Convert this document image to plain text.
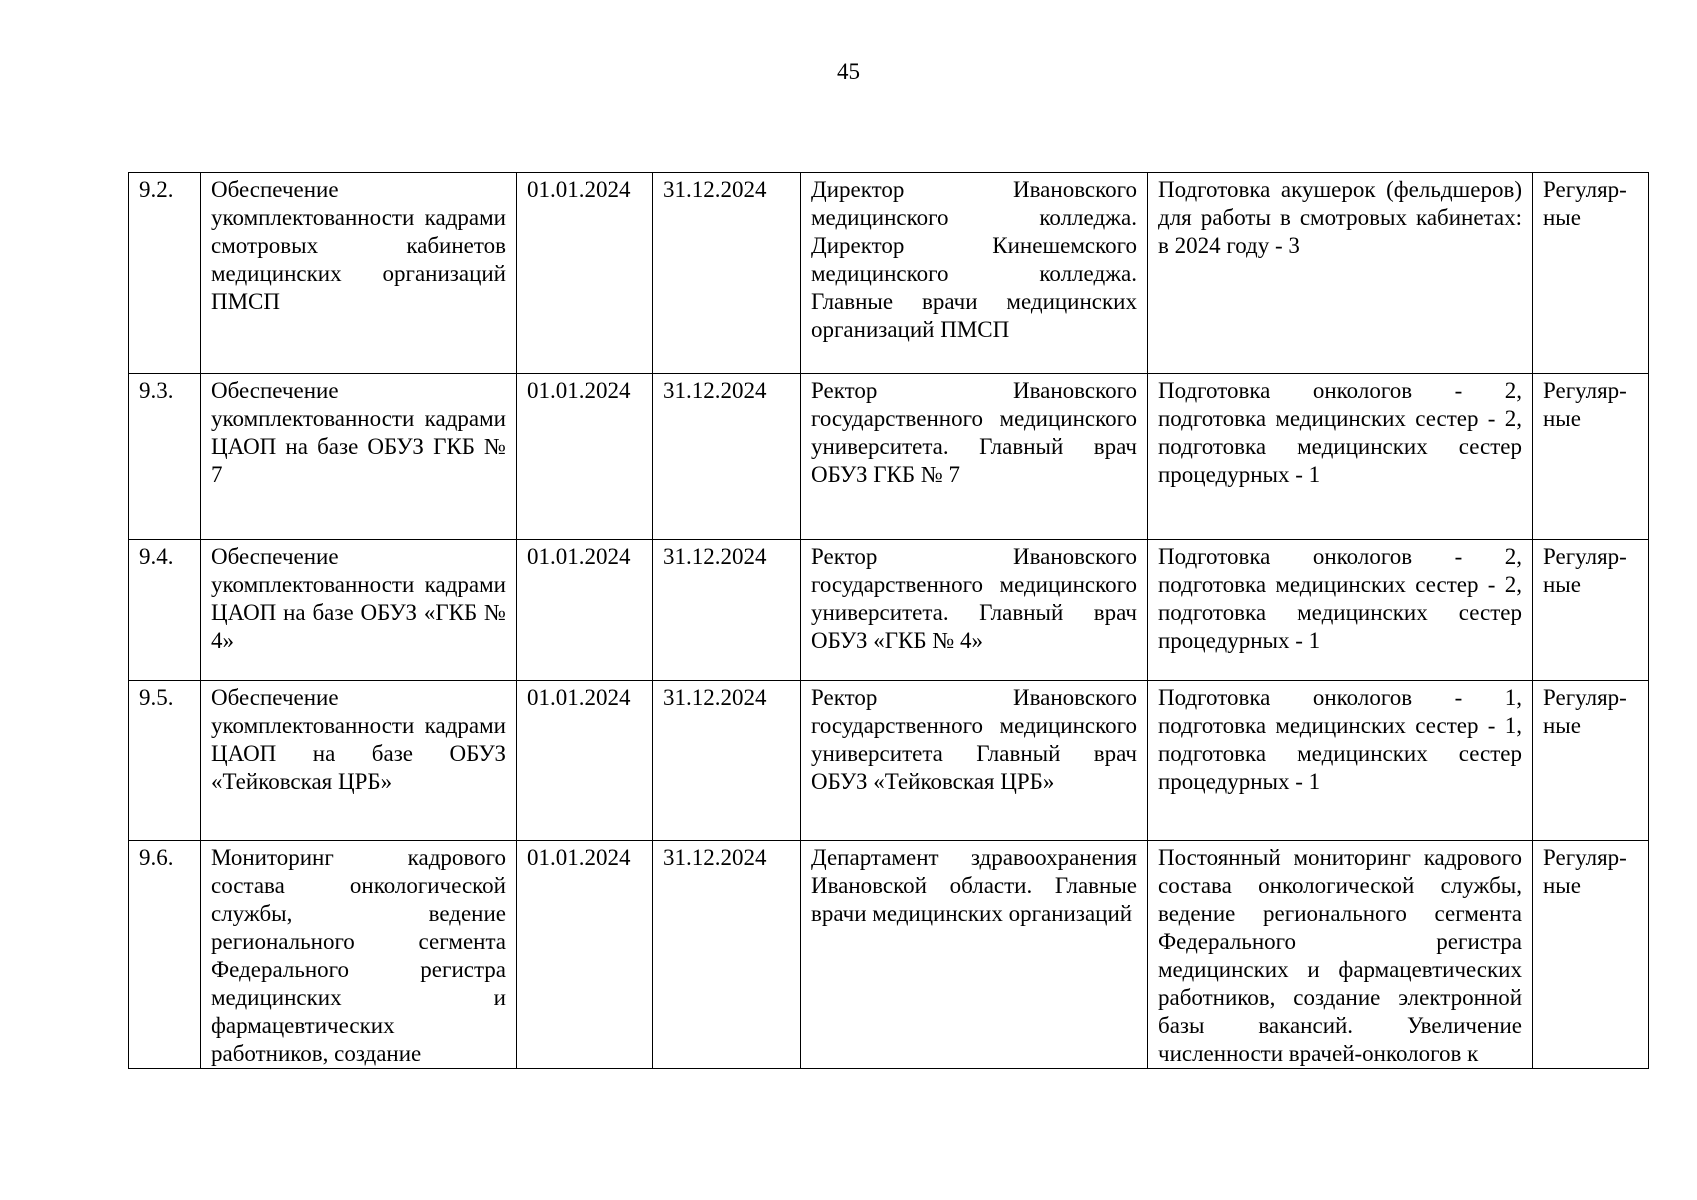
45
9.2.	Обеспечение укомплектованности кадрами смотровых кабинетов медицинских организаций ПМСП	01.01.2024	31.12.2024	Директор Ивановского медицинского колледжа. Директор Кинешемского медицинского колледжа. Главные врачи медицинских организаций ПМСП	Подготовка акушерок (фельдшеров) для работы в смотровых кабинетах: в 2024 году - 3	Регуляр-ные
9.3.	Обеспечение укомплектованности кадрами ЦАОП на базе ОБУЗ ГКБ № 7	01.01.2024	31.12.2024	Ректор Ивановского государственного медицинского университета. Главный врач ОБУЗ ГКБ № 7	Подготовка онкологов - 2, подготовка медицинских сестер - 2, подготовка медицинских сестер процедурных - 1	Регуляр-ные
9.4.	Обеспечение укомплектованности кадрами ЦАОП на базе ОБУЗ «ГКБ № 4»	01.01.2024	31.12.2024	Ректор Ивановского государственного медицинского университета. Главный врач ОБУЗ «ГКБ № 4»	Подготовка онкологов - 2, подготовка медицинских сестер - 2, подготовка медицинских сестер процедурных - 1	Регуляр-ные
9.5.	Обеспечение укомплектованности кадрами ЦАОП на базе ОБУЗ «Тейковская ЦРБ»	01.01.2024	31.12.2024	Ректор Ивановского государственного медицинского университета Главный врач ОБУЗ «Тейковская ЦРБ»	Подготовка онкологов - 1, подготовка медицинских сестер - 1, подготовка медицинских сестер процедурных - 1	Регуляр-ные
9.6.	Мониторинг кадрового состава онкологической службы, ведение регионального сегмента Федерального регистра медицинских и фармацевтических работников, создание	01.01.2024	31.12.2024	Департамент здравоохранения Ивановской области. Главные врачи медицинских организаций	Постоянный мониторинг кадрового состава онкологической службы, ведение регионального сегмента Федерального регистра медицинских и фармацевтических работников, создание электронной базы вакансий. Увеличение численности врачей-онкологов к	Регуляр-ные
